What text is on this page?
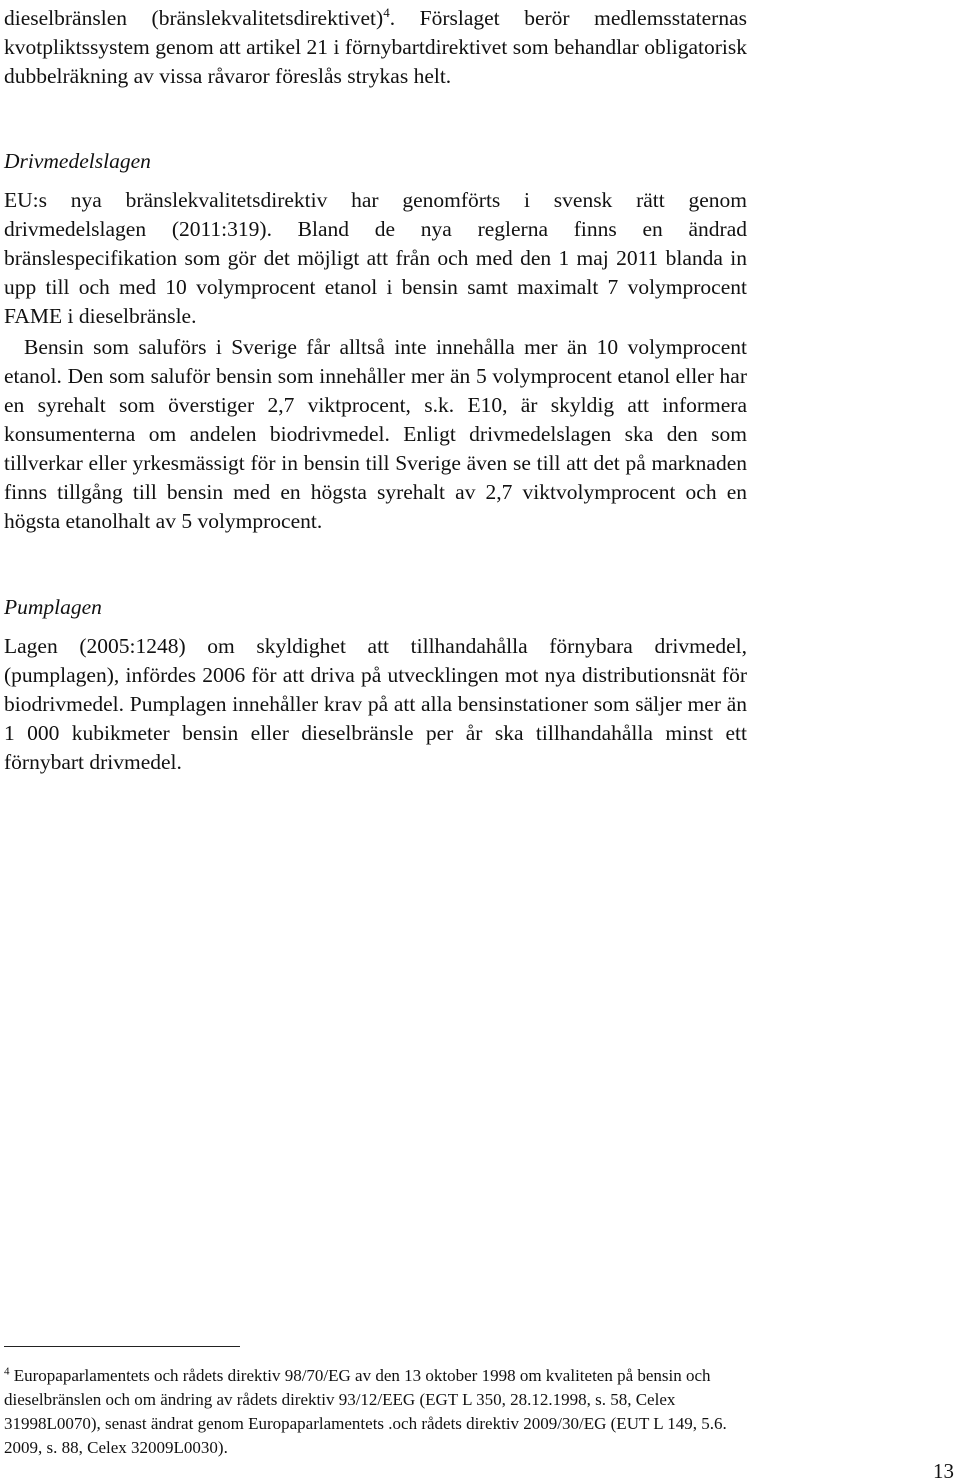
dieselbränslen (bränslekvalitetsdirektivet)$^4$. Förslaget berör medlemsstaternas kvotpliktssystem genom att artikel 21 i förnybartdirektivet som behandlar obligatorisk dubbelräkning av vissa råvaror föreslås strykas helt.

Drivmedelslagen

EU:s nya bränslekvalitetsdirektiv har genomförts i svensk rätt genom drivmedelslagen (2011:319). Bland de nya reglerna finns en ändrad bränslespecifikation som gör det möjligt att från och med den 1 maj 2011 blanda in upp till och med 10 volymprocent etanol i bensin samt maximalt 7 volymprocent FAME i dieselbränsle.

Bensin som saluförs i Sverige får alltså inte innehålla mer än 10 volymprocent etanol. Den som saluför bensin som innehåller mer än 5 volymprocent etanol eller har en syrehalt som överstiger 2,7 viktprocent, s.k. E10, är skyldig att informera konsumenterna om andelen biodrivmedel. Enligt drivmedelslagen ska den som tillverkar eller yrkesmässigt för in bensin till Sverige även se till att det på marknaden finns tillgång till bensin med en högsta syrehalt av 2,7 viktvolymprocent och en högsta etanolhalt av 5 volymprocent.

Pumplagen

Lagen (2005:1248) om skyldighet att tillhandahålla förnybara drivmedel, (pumplagen), infördes 2006 för att driva på utvecklingen mot nya distributionsnät för biodrivmedel. Pumplagen innehåller krav på att alla bensinstationer som säljer mer än 1 000 kubikmeter bensin eller dieselbränsle per år ska tillhandahålla minst ett förnybart drivmedel.

$^4$ Europaparlamentets och rådets direktiv 98/70/EG av den 13 oktober 1998 om kvaliteten på bensin och dieselbränslen och om ändring av rådets direktiv 93/12/EEG (EGT L 350, 28.12.1998, s. 58, Celex 31998L0070), senast ändrat genom Europaparlamentets .och rådets direktiv 2009/30/EG (EUT L 149, 5.6. 2009, s. 88, Celex 32009L0030).

13
